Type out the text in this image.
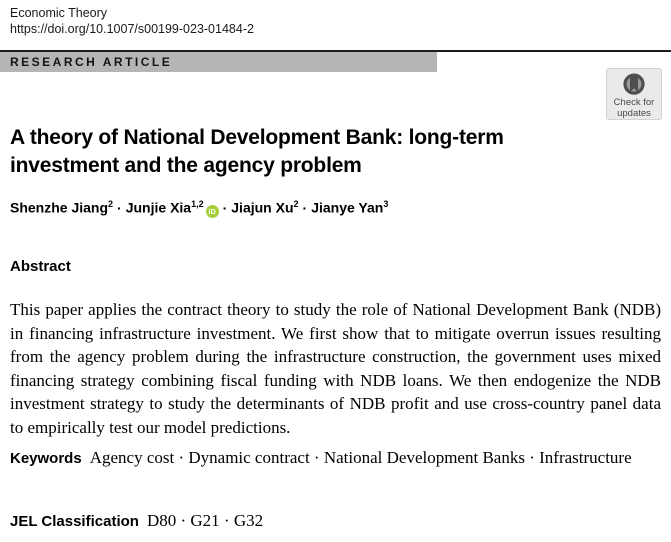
Economic Theory
https://doi.org/10.1007/s00199-023-01484-2
RESEARCH ARTICLE
Check for
updates
A theory of National Development Bank: long-term investment and the agency problem
Shenzhe Jiang$^2$ · Junjie Xia$^{1,2}$iD · Jiajun $Xu^2$ · Jianye Yan$^3$
Abstract

This paper applies the contract theory to study the role of National Development Bank (NDB) in financing infrastructure investment. We first show that to mitigate overrun issues resulting from the agency problem during the infrastructure construction, the government uses mixed financing strategy combining fiscal funding with NDB loans. We then endogenize the NDB investment strategy to study the determinants of NDB profit and use cross-country panel data to empirically test our model predictions.

Keywords Agency cost · Dynamic contract · National Development Banks · Infrastructure
JEL Classification D80 · G21 · G32
